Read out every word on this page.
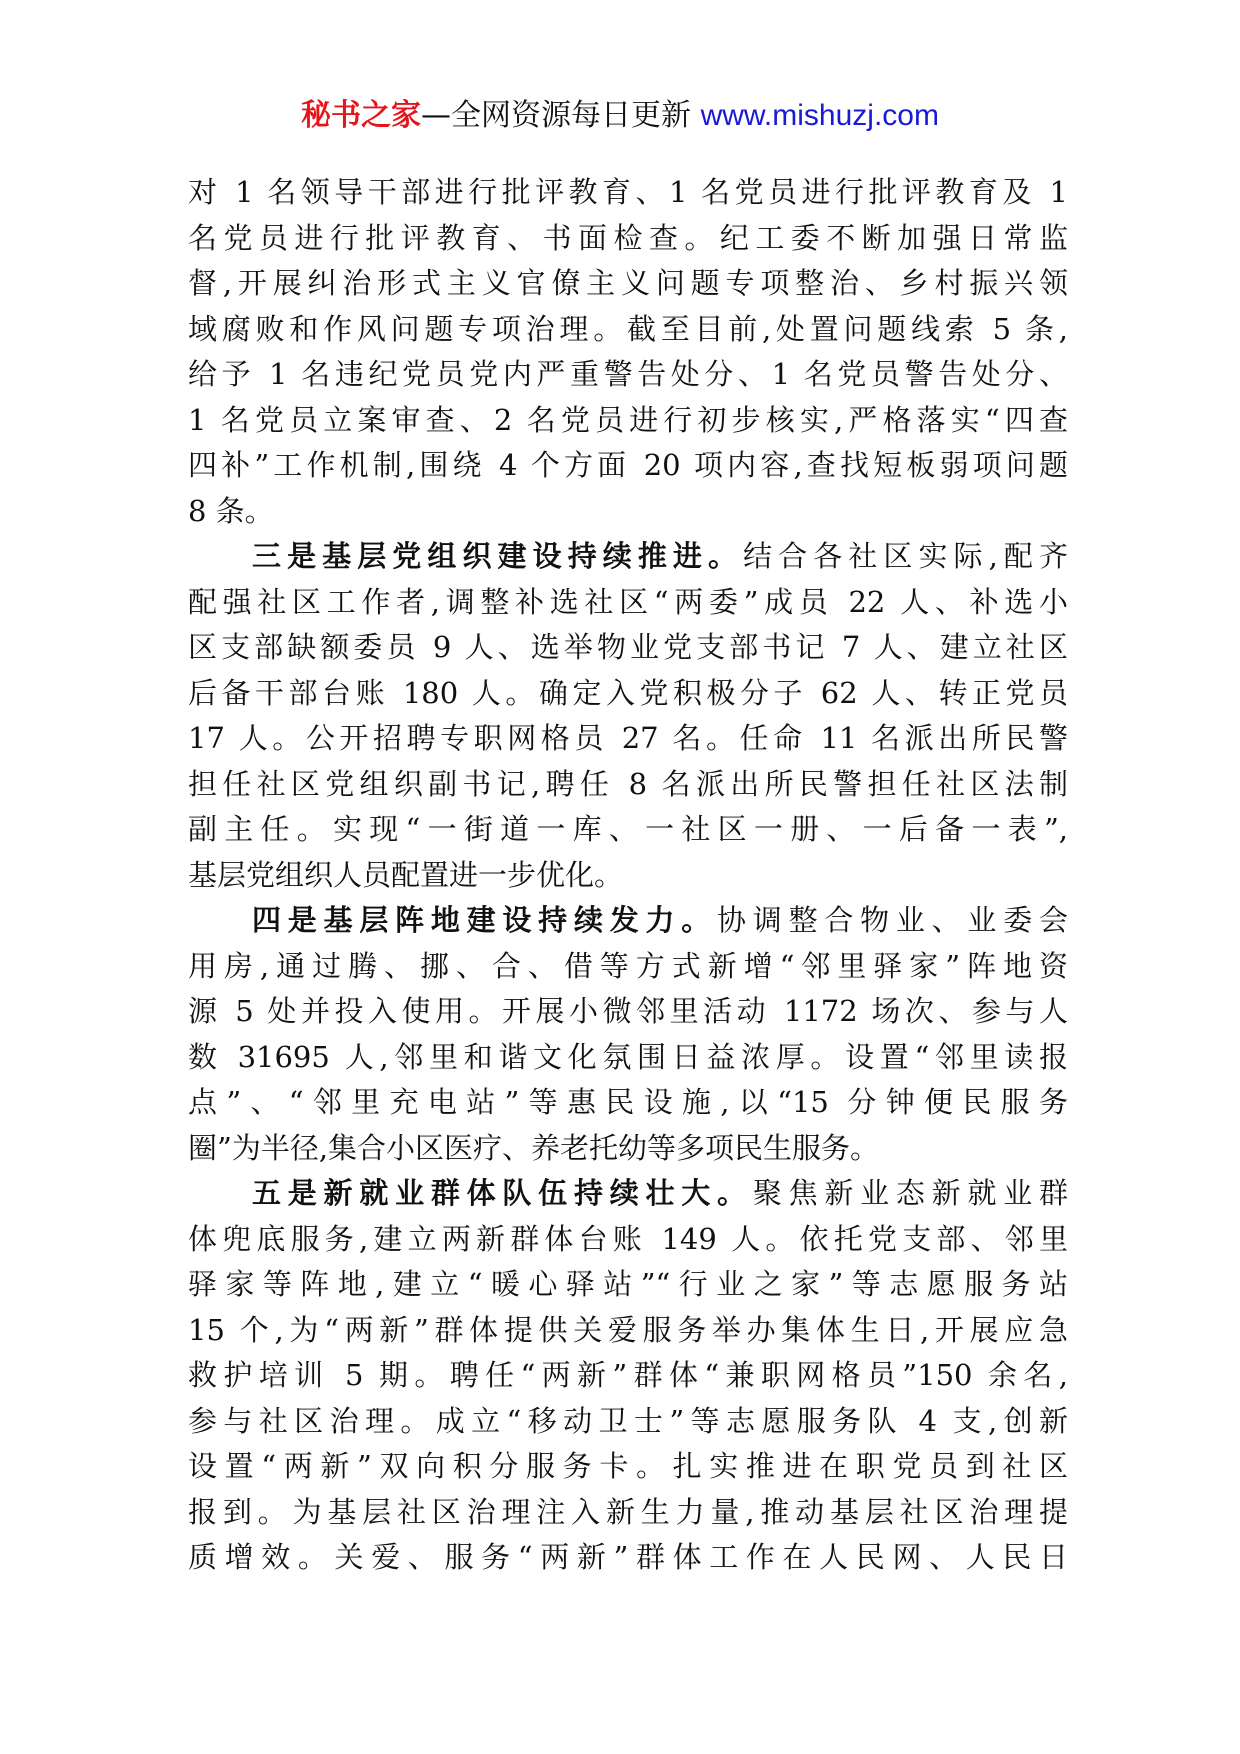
秘书之家—全网资源每日更新 www.mishuzj.com
对 1 名领导干部进行批评教育、1 名党员进行批评教育及 1
名党员进行批评教育、书面检查。纪工委不断加强日常监
督,开展纠治形式主义官僚主义问题专项整治、乡村振兴领
域腐败和作风问题专项治理。截至目前,处置问题线索 5 条,
给予 1 名违纪党员党内严重警告处分、1 名党员警告处分、
1 名党员立案审查、2 名党员进行初步核实,严格落实“四查
四补”工作机制,围绕 4 个方面 20 项内容,查找短板弱项问题
8 条。
三是基层党组织建设持续推进。结合各社区实际,配齐
配强社区工作者,调整补选社区“两委”成员 22 人、补选小
区支部缺额委员 9 人、选举物业党支部书记 7 人、建立社区
后备干部台账 180 人。确定入党积极分子 62 人、转正党员
17 人。公开招聘专职网格员 27 名。任命 11 名派出所民警
担任社区党组织副书记,聘任 8 名派出所民警担任社区法制
副主任。实现“一街道一库、一社区一册、一后备一表”,
基层党组织人员配置进一步优化。
四是基层阵地建设持续发力。协调整合物业、业委会
用房,通过腾、挪、合、借等方式新增“邻里驿家”阵地资
源 5 处并投入使用。开展小微邻里活动 1172 场次、参与人
数 31695 人,邻里和谐文化氛围日益浓厚。设置“邻里读报
点”、“邻里充电站”等惠民设施,以“15 分钟便民服务
圈”为半径,集合小区医疗、养老托幼等多项民生服务。
五是新就业群体队伍持续壮大。聚焦新业态新就业群
体兜底服务,建立两新群体台账 149 人。依托党支部、邻里
驿家等阵地,建立“暖心驿站”“行业之家”等志愿服务站
15 个,为“两新”群体提供关爱服务举办集体生日,开展应急
救护培训 5 期。聘任“两新”群体“兼职网格员”150 余名,
参与社区治理。成立“移动卫士”等志愿服务队 4 支,创新
设置“两新”双向积分服务卡。扎实推进在职党员到社区
报到。为基层社区治理注入新生力量,推动基层社区治理提
质增效。关爱、服务“两新”群体工作在人民网、人民日
